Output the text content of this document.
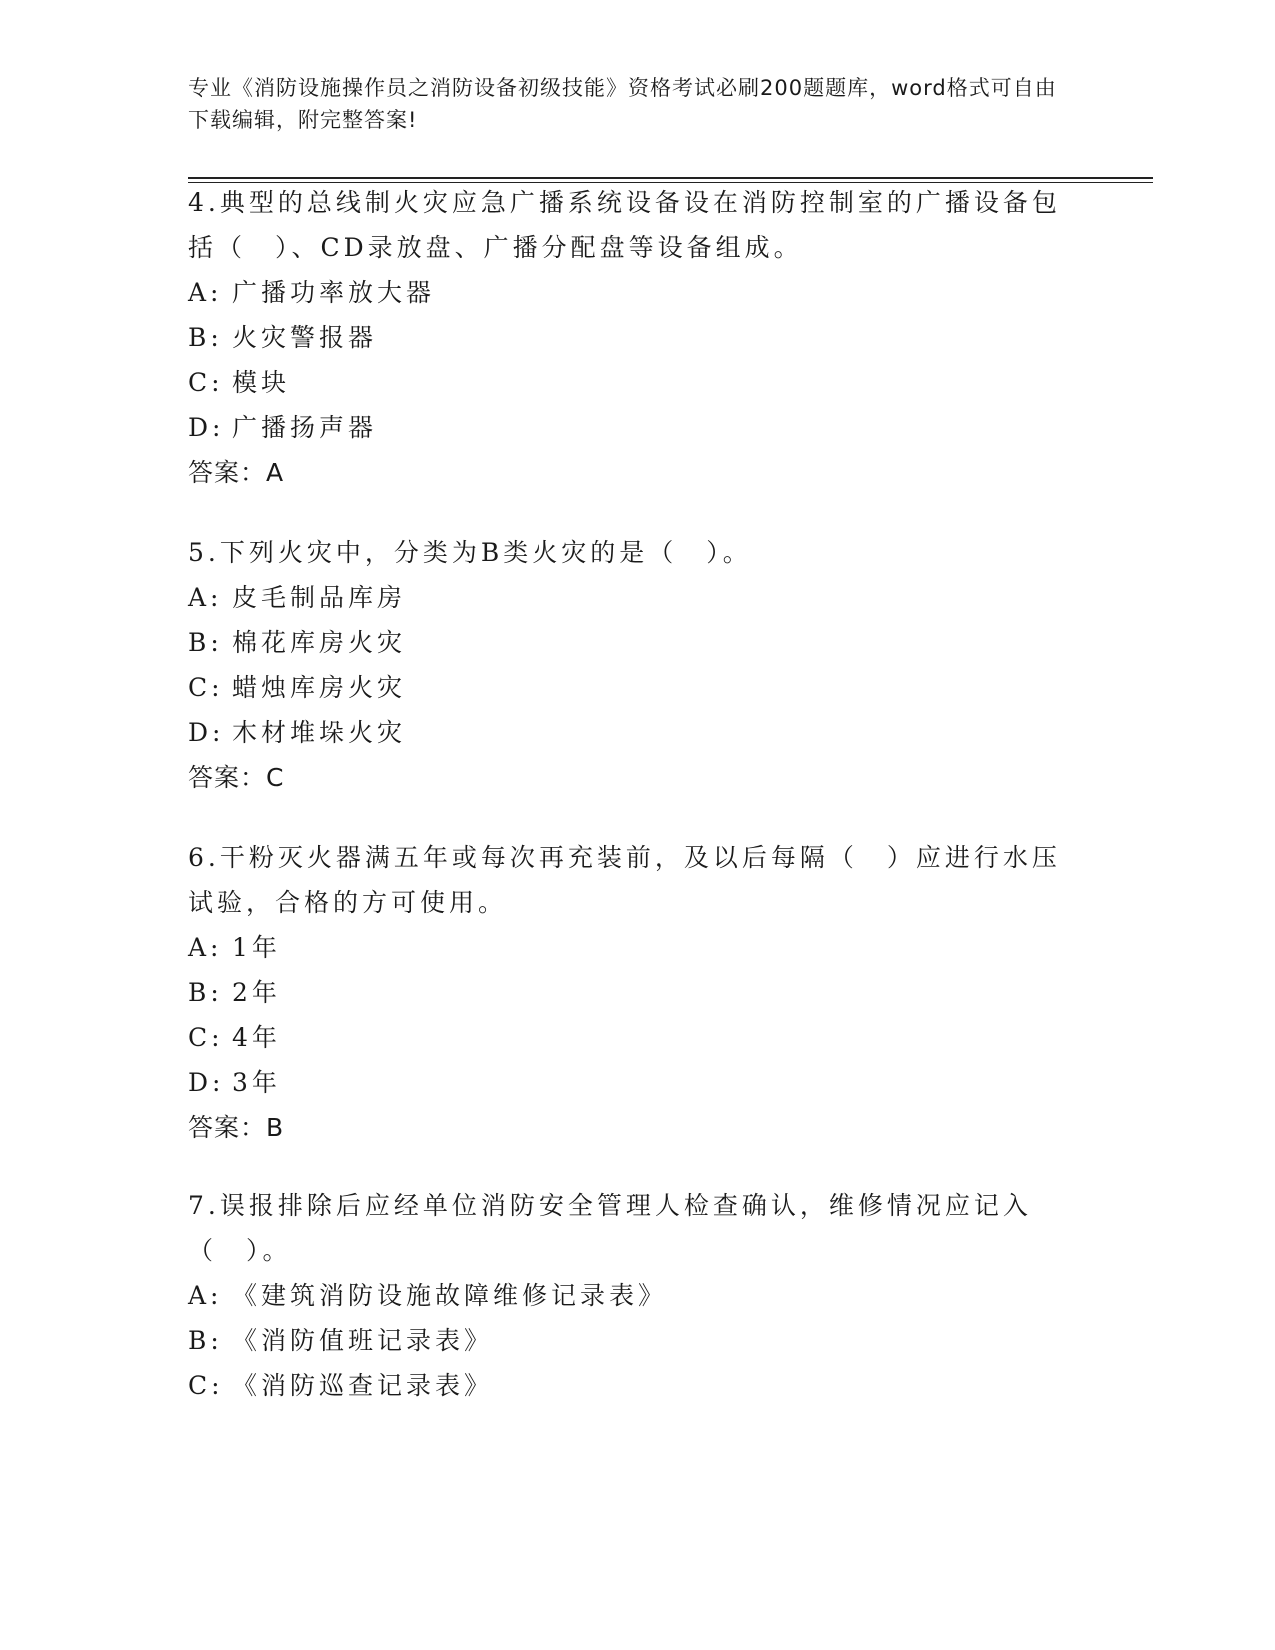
专业《消防设施操作员之消防设备初级技能》资格考试必刷200题题库，word格式可自由下载编辑，附完整答案!

4.典型的总线制火灾应急广播系统设备设在消防控制室的广播设备包括（　）、CD录放盘、广播分配盘等设备组成。

A: 广播功率放大器

B: 火灾警报器

C: 模块

D: 广播扬声器

答案：A

5.下列火灾中，分类为B类火灾的是（　）。

A: 皮毛制品库房

B: 棉花库房火灾

C: 蜡烛库房火灾

D: 木材堆垛火灾

答案：C

6.干粉灭火器满五年或每次再充装前，及以后每隔（　）应进行水压试验，合格的方可使用。

A: 1年

B: 2年

C: 4年

D: 3年

答案：B

7.误报排除后应经单位消防安全管理人检查确认，维修情况应记入（　）。

A: 《建筑消防设施故障维修记录表》

B: 《消防值班记录表》

C: 《消防巡查记录表》
